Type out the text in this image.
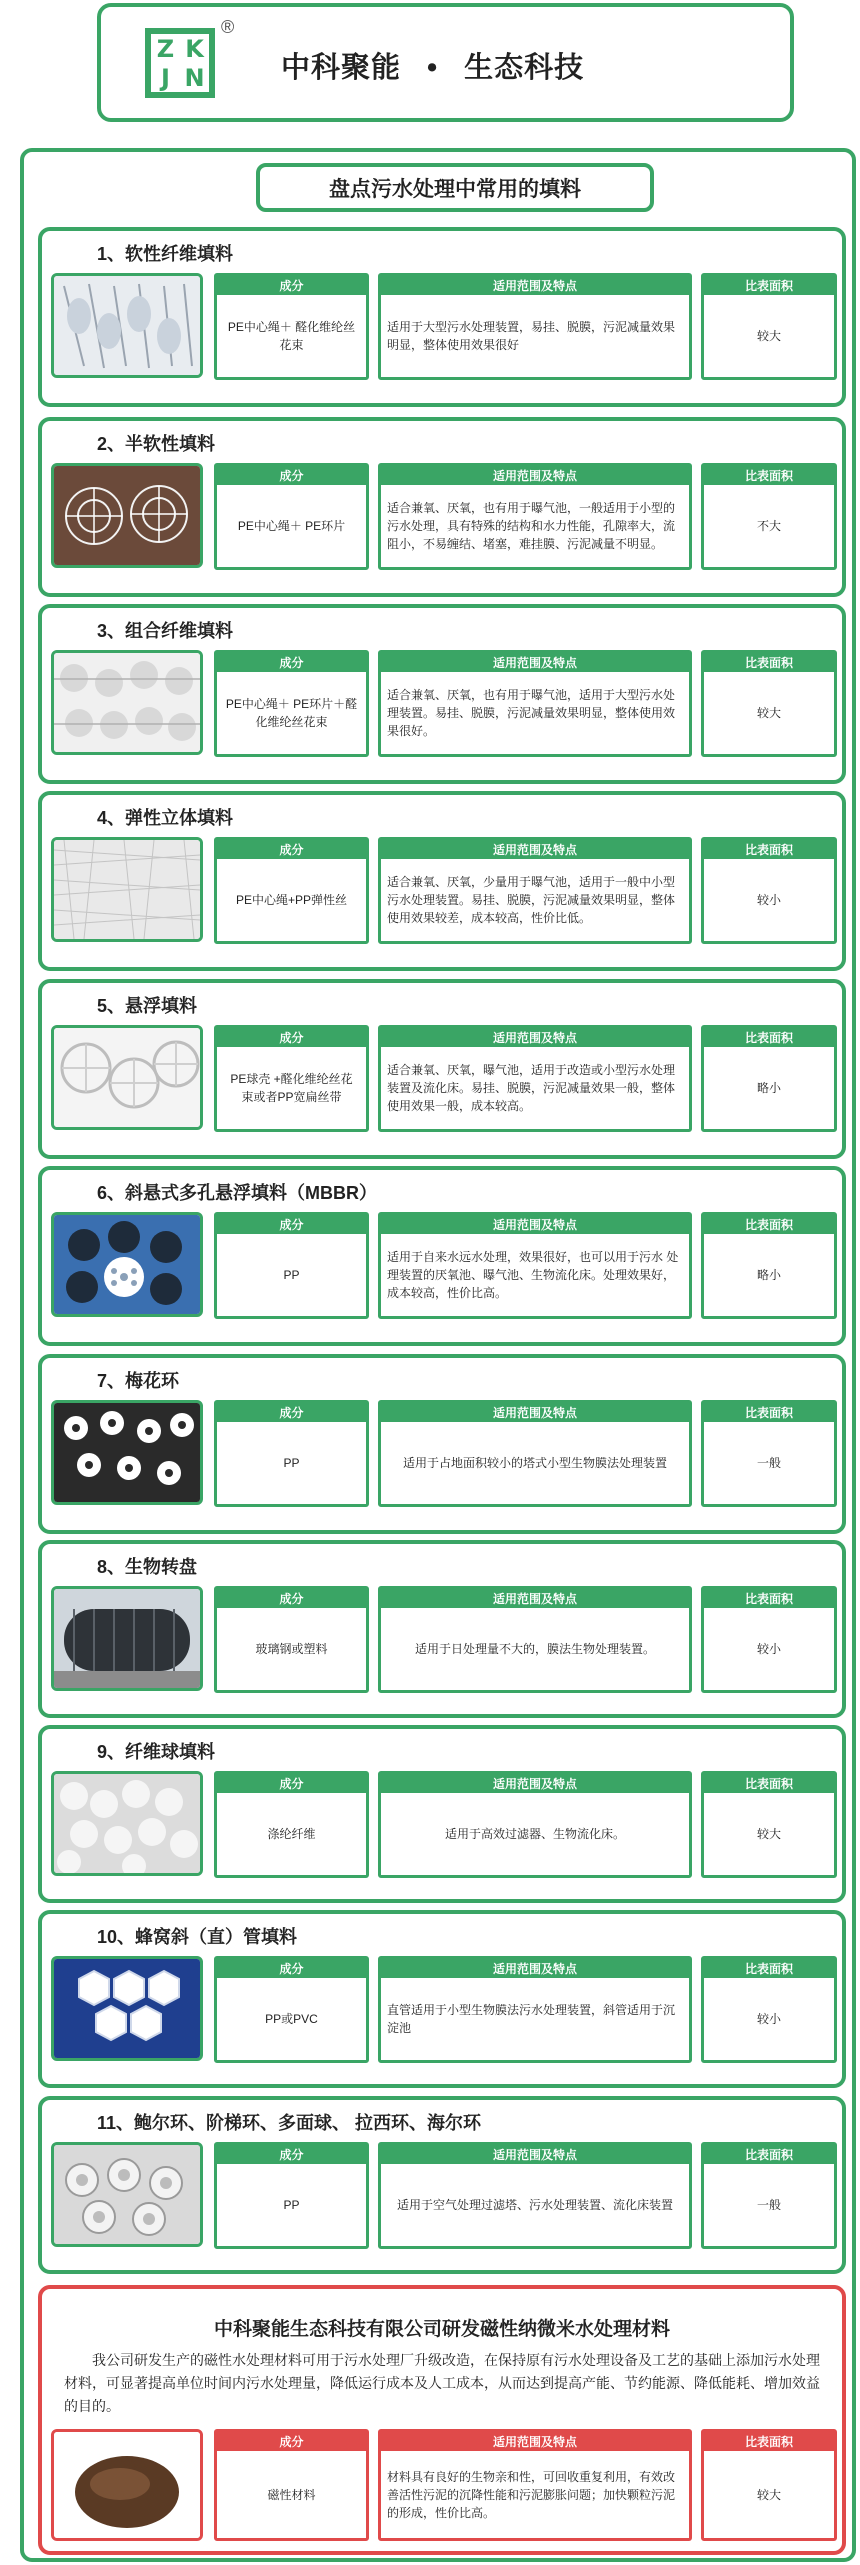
Z K
J N
®
中科聚能 • 生态科技
盘点污水处理中常用的填料
1、软性纤维填料
成分
PE中心绳＋ 醛化维纶丝花束
适用范围及特点
适用于大型污水处理装置，易挂、脱膜，污泥减量效果明显，整体使用效果很好
比表面积
较大
2、半软性填料
成分
PE中心绳＋ PE环片
适用范围及特点
适合兼氧、厌氧，也有用于曝气池，一般适用于小型的污水处理，具有特殊的结构和水力性能，孔隙率大，流阻小，不易缠结、堵塞，难挂膜、污泥减量不明显。
比表面积
不大
3、组合纤维填料
成分
PE中心绳＋ PE环片＋醛化维纶丝花束
适用范围及特点
适合兼氧、厌氧，也有用于曝气池，适用于大型污水处理装置。易挂、脱膜，污泥减量效果明显，整体使用效果很好。
比表面积
较大
4、弹性立体填料
成分
PE中心绳+PP弹性丝
适用范围及特点
适合兼氧、厌氧，少量用于曝气池，适用于一般中小型污水处理装置。易挂、脱膜，污泥减量效果明显，整体使用效果较差，成本较高，性价比低。
比表面积
较小
5、悬浮填料
成分
PE球壳 +醛化维纶丝花束或者PP宽扁丝带
适用范围及特点
适合兼氧、厌氧，曝气池，适用于改造或小型污水处理装置及流化床。易挂、脱膜，污泥减量效果一般，整体使用效果一般，成本较高。
比表面积
略小
6、斜悬式多孔悬浮填料（MBBR）
成分
PP
适用范围及特点
适用于自来水远水处理，效果很好，也可以用于污水 处理装置的厌氧池、曝气池、生物流化床。处理效果好，成本较高，性价比高。
比表面积
略小
7、梅花环
成分
PP
适用范围及特点
适用于占地面积较小的塔式小型生物膜法处理装置
比表面积
一般
8、生物转盘
成分
玻璃钢或塑料
适用范围及特点
适用于日处理量不大的，膜法生物处理装置。
比表面积
较小
9、纤维球填料
成分
涤纶纤维
适用范围及特点
适用于高效过滤器、生物流化床。
比表面积
较大
10、蜂窝斜（直）管填料
成分
PP或PVC
适用范围及特点
直管适用于小型生物膜法污水处理装置，斜管适用于沉淀池
比表面积
较小
11、鲍尔环、阶梯环、多面球、 拉西环、海尔环
成分
PP
适用范围及特点
适用于空气处理过滤塔、污水处理装置、流化床装置
比表面积
一般
中科聚能生态科技有限公司研发磁性纳微米水处理材料
我公司研发生产的磁性水处理材料可用于污水处理厂升级改造，在保持原有污水处理设备及工艺的基础上添加污水处理材料，可显著提高单位时间内污水处理量，降低运行成本及人工成本，从而达到提高产能、节约能源、降低能耗、增加效益的目的。
成分
磁性材料
适用范围及特点
材料具有良好的生物亲和性，可回收重复利用，有效改善活性污泥的沉降性能和污泥膨胀问题；加快颗粒污泥的形成，性价比高。
比表面积
较大
